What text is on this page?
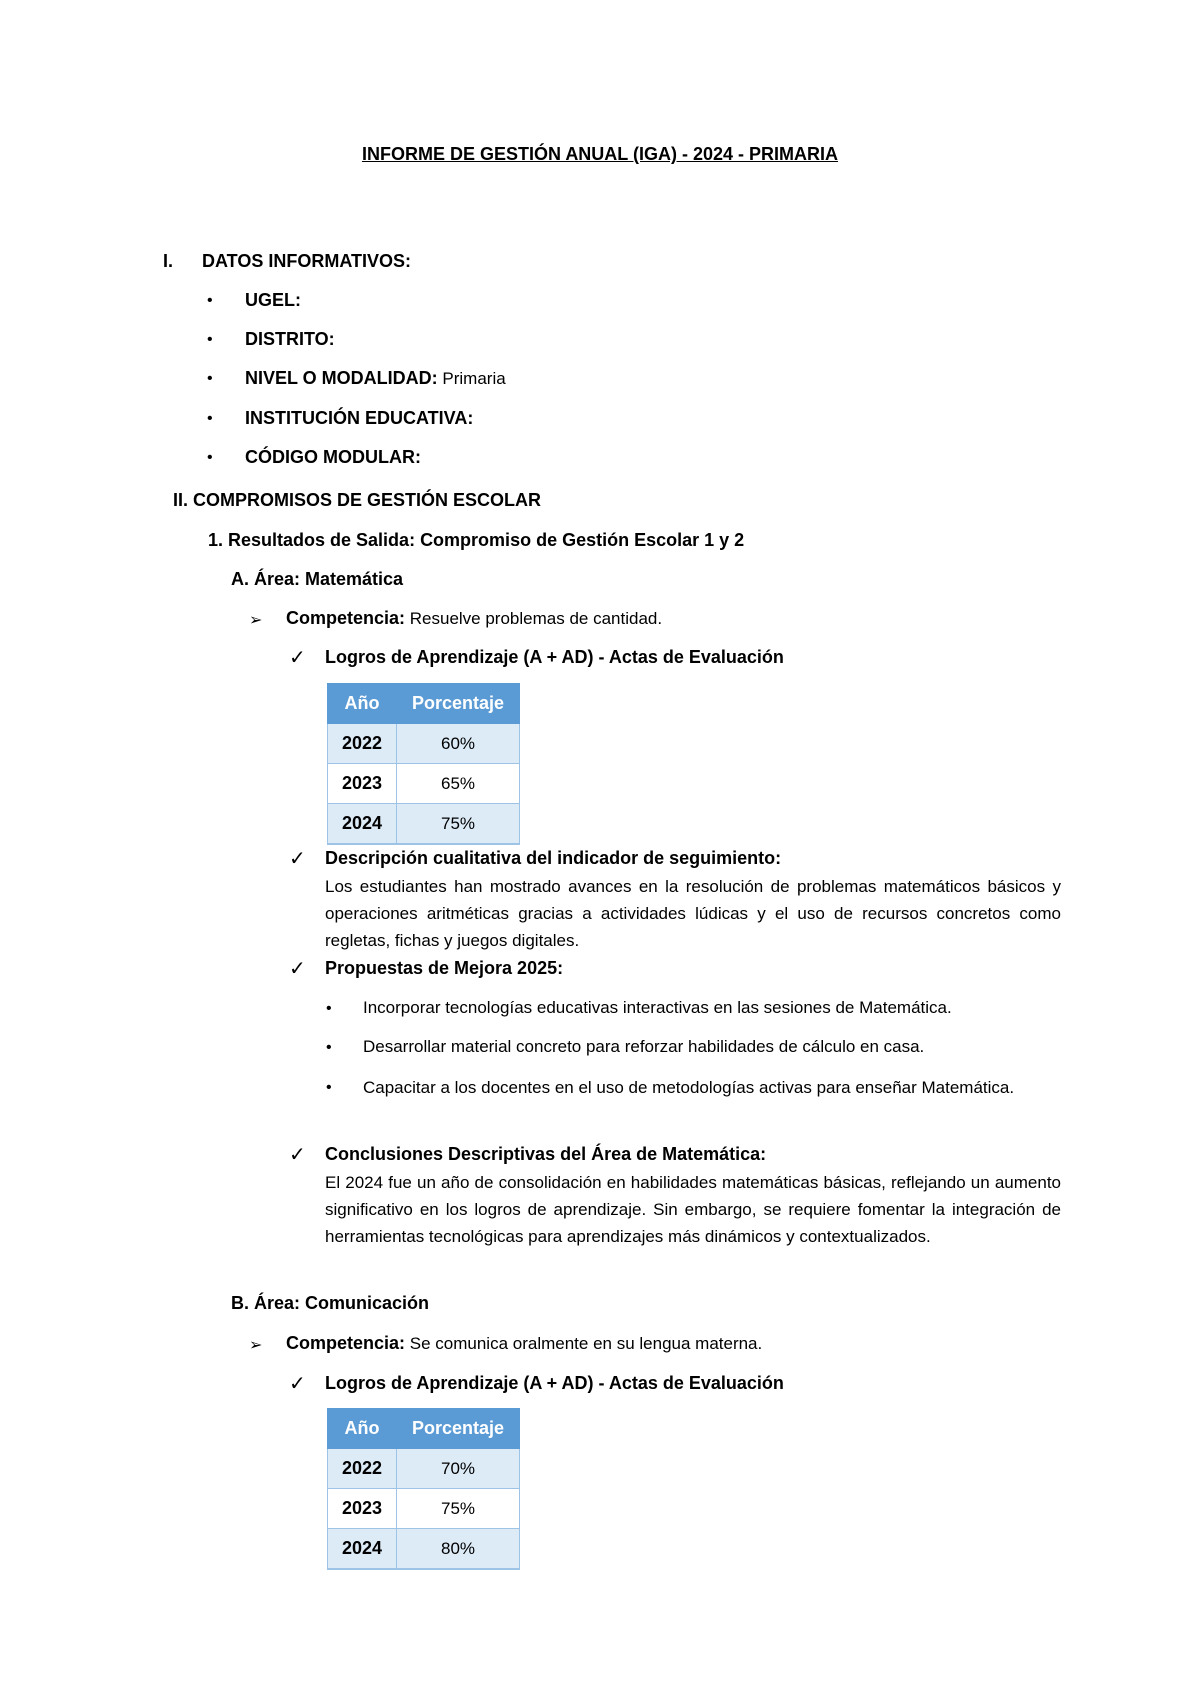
INFORME DE GESTIÓN ANUAL (IGA) - 2024 - PRIMARIA
I. DATOS INFORMATIVOS:
• UGEL:
• DISTRITO:
• NIVEL O MODALIDAD: Primaria
• INSTITUCIÓN EDUCATIVA:
• CÓDIGO MODULAR:
II. COMPROMISOS DE GESTIÓN ESCOLAR
1. Resultados de Salida: Compromiso de Gestión Escolar 1 y 2
A. Área: Matemática
➢ Competencia: Resuelve problemas de cantidad.
✓ Logros de Aprendizaje (A + AD) - Actas de Evaluación
Año	Porcentaje
2022	60%
2023	65%
2024	75%
✓ Descripción cualitativa del indicador de seguimiento:
Los estudiantes han mostrado avances en la resolución de problemas matemáticos básicos y operaciones aritméticas gracias a actividades lúdicas y el uso de recursos concretos como regletas, fichas y juegos digitales.
✓ Propuestas de Mejora 2025:
• Incorporar tecnologías educativas interactivas en las sesiones de Matemática.
• Desarrollar material concreto para reforzar habilidades de cálculo en casa.
• Capacitar a los docentes en el uso de metodologías activas para enseñar Matemática.
✓ Conclusiones Descriptivas del Área de Matemática:
El 2024 fue un año de consolidación en habilidades matemáticas básicas, reflejando un aumento significativo en los logros de aprendizaje. Sin embargo, se requiere fomentar la integración de herramientas tecnológicas para aprendizajes más dinámicos y contextualizados.
B. Área: Comunicación
➢ Competencia: Se comunica oralmente en su lengua materna.
✓ Logros de Aprendizaje (A + AD) - Actas de Evaluación
Año	Porcentaje
2022	70%
2023	75%
2024	80%
